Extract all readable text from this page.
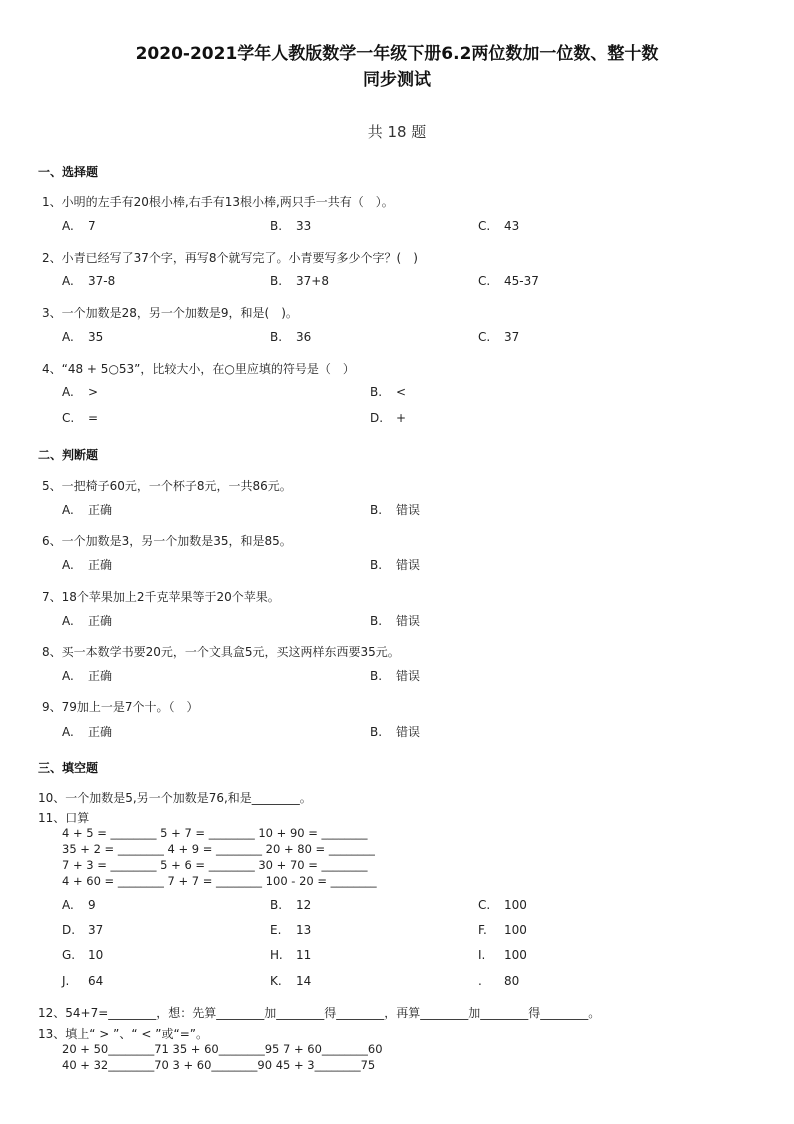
2020-2021学年人教版数学一年级下册6.2两位数加一位数、整十数
同步测试
共 18 题
一、选择题
1、小明的左手有20根小棒,右手有13根小棒,两只手一共有（　）。
A. 7	B. 33	C. 43
2、小青已经写了37个字，再写8个就写完了。小青要写多少个字？(　)
A. 37-8	B. 37+8	C. 45-37
3、一个加数是28，另一个加数是9，和是(　)。
A. 35	B. 36	C. 37
4、“48 + 5○53”，比较大小，在○里应填的符号是（　）
A. >	B. <
C. =	D. +
二、判断题
5、一把椅子60元，一个杯子8元，一共86元。
A. 正确	B. 错误
6、一个加数是3，另一个加数是35，和是85。
A. 正确	B. 错误
7、18个苹果加上2千克苹果等于20个苹果。
A. 正确	B. 错误
8、买一本数学书要20元，一个文具盒5元，买这两样东西要35元。
A. 正确	B. 错误
9、79加上一是7个十。（　）
A. 正确	B. 错误
三、填空题
10、一个加数是5,另一个加数是76,和是________。
11、口算
4 + 5 = ________ 5 + 7 = ________ 10 + 90 = ________
35 + 2 = ________ 4 + 9 = ________ 20 + 80 = ________
7 + 3 = ________ 5 + 6 = ________ 30 + 70 = ________
4 + 60 = ________ 7 + 7 = ________ 100 - 20 = ________
A. 9	B. 12	C. 100
D. 37	E. 13	F. 100
G. 10	H. 11	I. 100
J. 64	K. 14	. 80
12、54+7=________，想：先算________加________得________，再算________加________得________。
13、填上“ > ”、“ < ”或“=”。
20 + 50________71 35 + 60________95 7 + 60________60
40 + 32________70 3 + 60________90 45 + 3________75
